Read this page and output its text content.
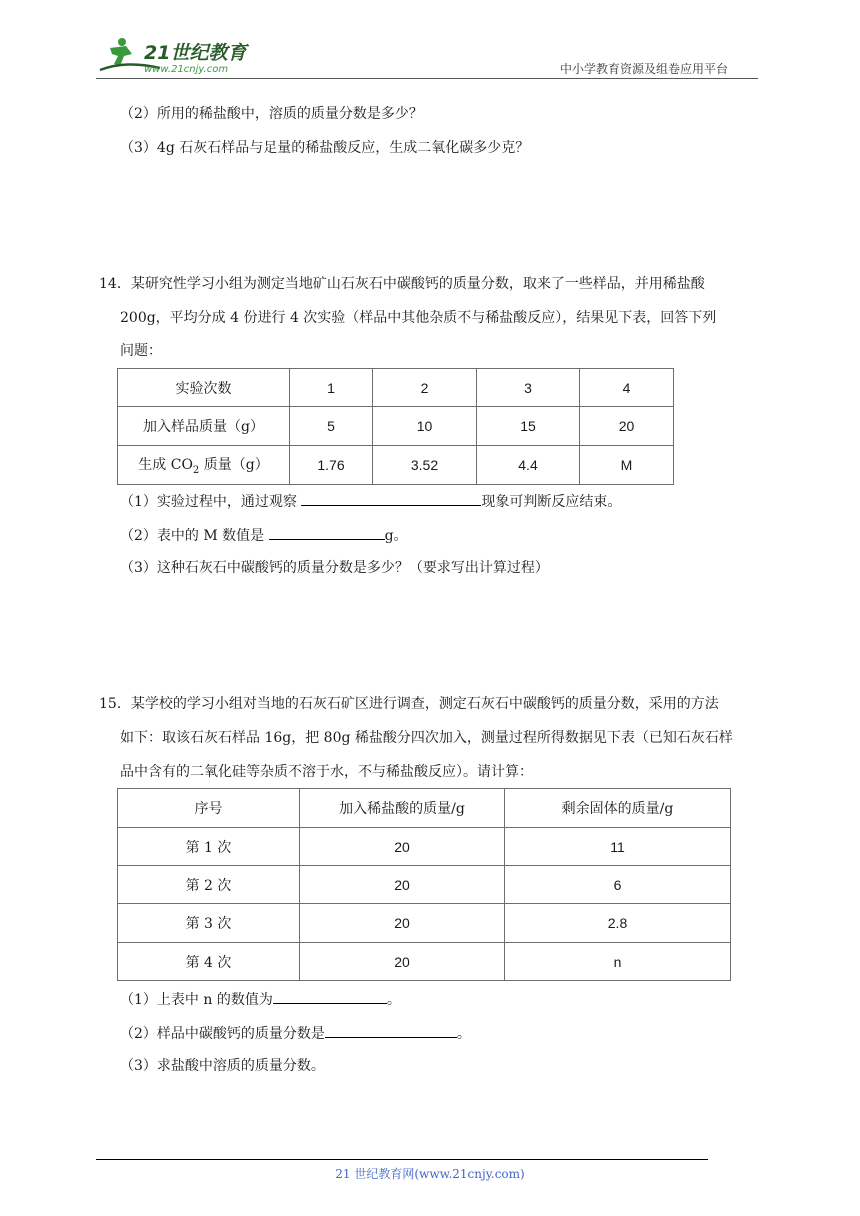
21世纪教育
www.21cnjy.com	中小学教育资源及组卷应用平台
（2）所用的稀盐酸中，溶质的质量分数是多少？
（3）4g 石灰石样品与足量的稀盐酸反应，生成二氧化碳多少克？
14．某研究性学习小组为测定当地矿山石灰石中碳酸钙的质量分数，取来了一些样品，并用稀盐酸
200g，平均分成 4 份进行 4 次实验（样品中其他杂质不与稀盐酸反应），结果见下表，回答下列
问题：
实验次数	1	2	3	4
加入样品质量（g）	5	10	15	20
生成 $CO_2$ 质量（g）	1.76	3.52	4.4	M
（1）实验过程中，通过观察	现象可判断反应结束。
（2）表中的 M 数值是	g。
（3）这种石灰石中碳酸钙的质量分数是多少？（要求写出计算过程）
15．某学校的学习小组对当地的石灰石矿区进行调查，测定石灰石中碳酸钙的质量分数，采用的方法
如下：取该石灰石样品 16g，把 80g 稀盐酸分四次加入，测量过程所得数据见下表（已知石灰石样
品中含有的二氧化硅等杂质不溶于水，不与稀盐酸反应）。请计算：
序号	加入稀盐酸的质量/g	剩余固体的质量/g
第 1 次	20	11
第 2 次	20	6
第 3 次	20	2.8
第 4 次	20	n
（1）上表中 n 的数值为	。
（2）样品中碳酸钙的质量分数是	。
（3）求盐酸中溶质的质量分数。
21 世纪教育网(www.21cnjy.com)
